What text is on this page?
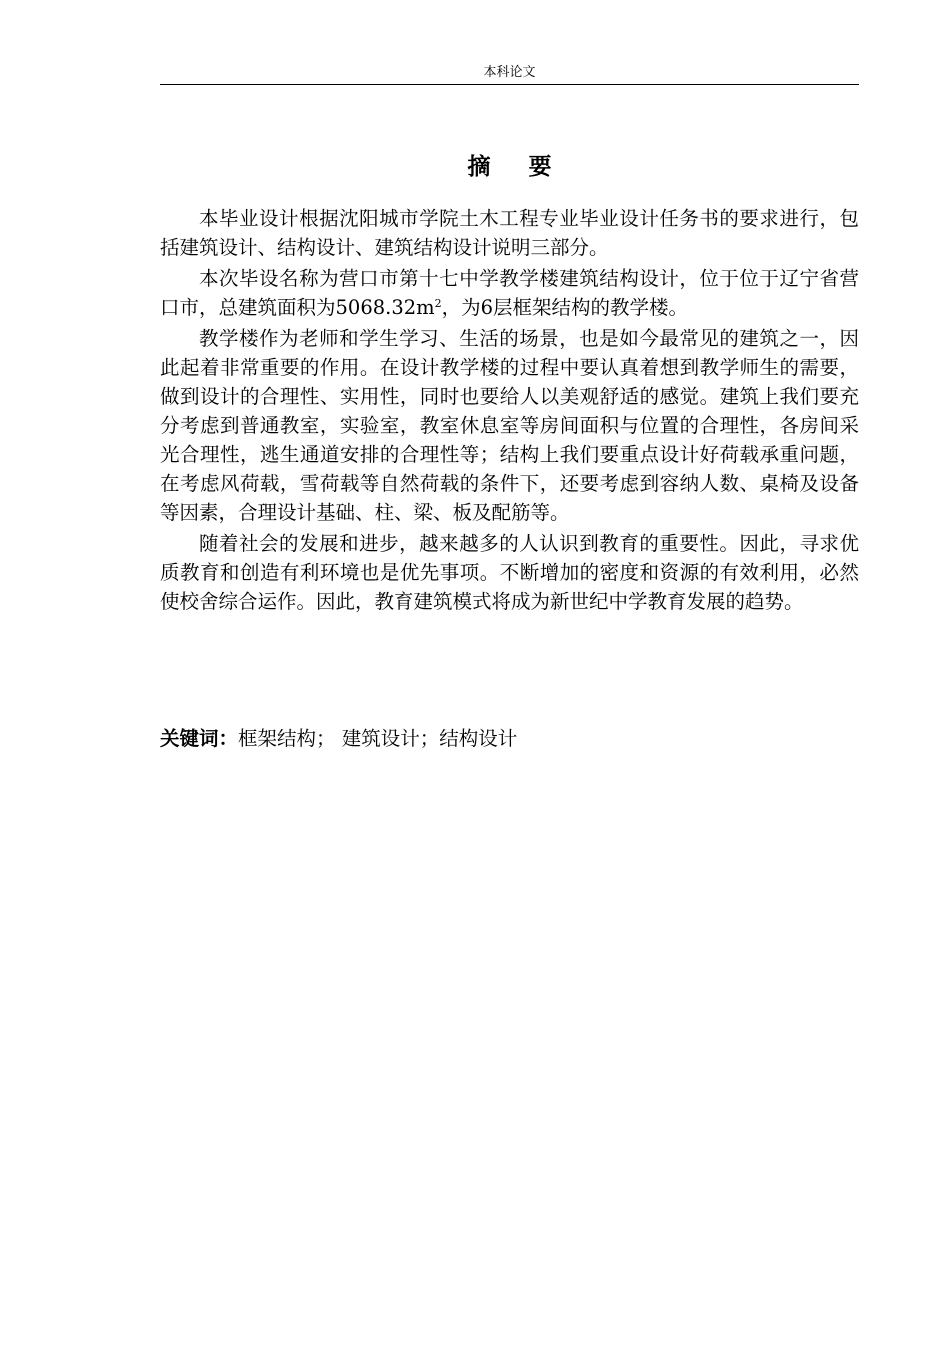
本科论文
摘 要

本毕业设计根据沈阳城市学院土木工程专业毕业设计任务书的要求进行，包括建筑设计、结构设计、建筑结构设计说明三部分。

本次毕设名称为营口市第十七中学教学楼建筑结构设计，位于位于辽宁省营口市，总建筑面积为$5068.32m^2$，为6层框架结构的教学楼。

教学楼作为老师和学生学习、生活的场景，也是如今最常见的建筑之一，因此起着非常重要的作用。在设计教学楼的过程中要认真着想到教学师生的需要，做到设计的合理性、实用性，同时也要给人以美观舒适的感觉。建筑上我们要充分考虑到普通教室，实验室，教室休息室等房间面积与位置的合理性，各房间采光合理性，逃生通道安排的合理性等；结构上我们要重点设计好荷载承重问题，在考虑风荷载，雪荷载等自然荷载的条件下，还要考虑到容纳人数、桌椅及设备等因素，合理设计基础、柱、梁、板及配筋等。

随着社会的发展和进步，越来越多的人认识到教育的重要性。因此，寻求优质教育和创造有利环境也是优先事项。不断增加的密度和资源的有效利用，必然使校舍综合运作。因此，教育建筑模式将成为新世纪中学教育发展的趋势。

关键词：框架结构； 建筑设计；结构设计
